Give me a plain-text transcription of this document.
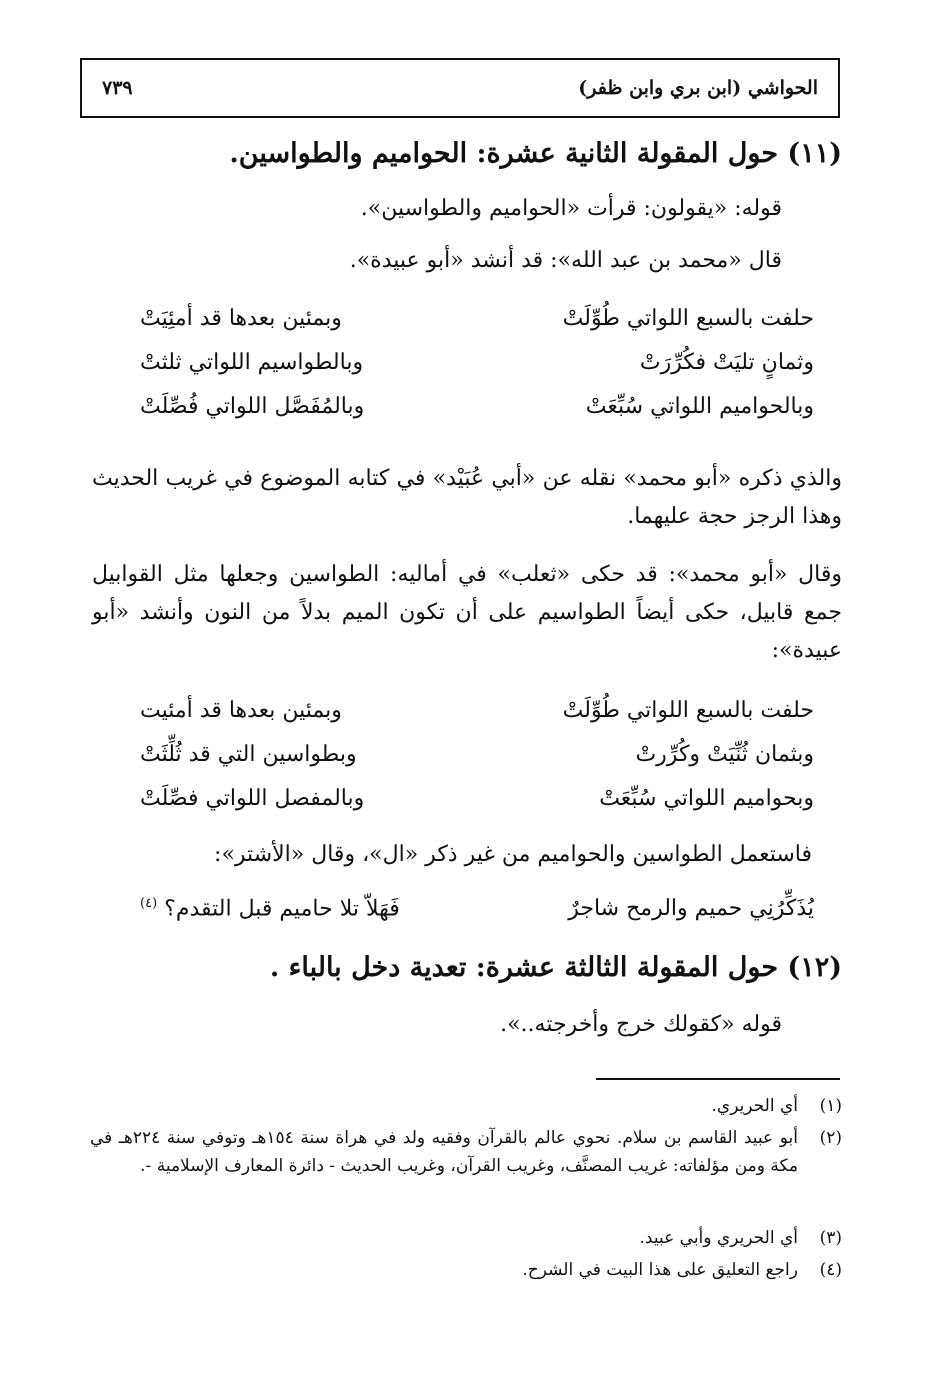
الحواشي (ابن بري وابن ظفر)
٧٣٩
(١١) حول المقولة الثانية عشرة: الحواميم والطواسين.
قوله: «يقولون: قرأت «الحواميم والطواسين».
قال «محمد بن عبد الله»: قد أنشد «أبو عبيدة».
حلفت بالسبع اللواتي طُوِّلَتْ
وبمئين بعدها قد أمئِيَتْ
وثمانٍ تليَتْ فكُرِّرَتْ
وبالطواسيم اللواتي ثلثتْ
وبالحواميم اللواتي سُبِّعَتْ
وبالمُفَصَّل اللواتي فُصِّلَتْ
والذي ذكره «أبو محمد» نقله عن «أبي عُبَيْد» في كتابه الموضوع في غريب الحديث وهذا الرجز حجة عليهما.
وقال «أبو محمد»: قد حكى «ثعلب» في أماليه: الطواسين وجعلها مثل القوابيل جمع قابيل، حكى أيضاً الطواسيم على أن تكون الميم بدلاً من النون وأنشد «أبو عبيدة»:
حلفت بالسبع اللواتي طُوِّلَتْ
وبمئين بعدها قد أمئيت
وبثمان ثُنِّيَتْ وكُرِّرتْ
وبطواسين التي قد ثُلِّثَتْ
وبحواميم اللواتي سُبِّعَتْ
وبالمفصل اللواتي فصِّلَتْ
فاستعمل الطواسين والحواميم من غير ذكر «ال»، وقال «الأشتر»:
يُذَكِّرُنِي حميم والرمح شاجرٌ
فَهَلاّ تلا حاميم قبل التقدم؟ $^{(٤)}$
(١٢) حول المقولة الثالثة عشرة: تعدية دخل بالباء .
قوله «كقولك خرج وأخرجته..».
(١)
أي الحريري.
(٢)
أبو عبيد القاسم بن سلام. نحوي عالم بالقرآن وفقيه ولد في هراة سنة ١٥٤هـ وتوفي سنة ٢٢٤هـ في مكة ومن مؤلفاته: غريب المصنَّف، وغريب القرآن، وغريب الحديث - دائرة المعارف الإسلامية -.
(٣)
أي الحريري وأبي عبيد.
(٤)
راجع التعليق على هذا البيت في الشرح.
